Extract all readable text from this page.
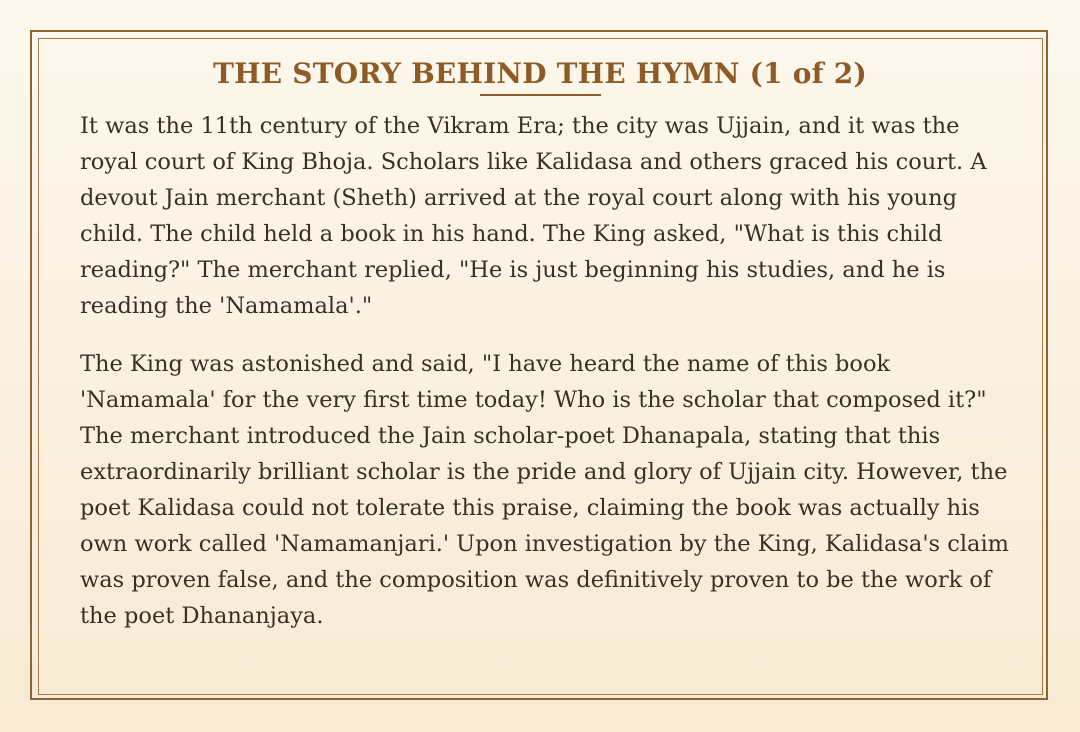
THE STORY BEHIND THE HYMN (1 of 2)

It was the 11th century of the Vikram Era; the city was Ujjain, and it was the royal court of King Bhoja. Scholars like Kalidasa and others graced his court. A devout Jain merchant (Sheth) arrived at the royal court along with his young child. The child held a book in his hand. The King asked, "What is this child reading?" The merchant replied, "He is just beginning his studies, and he is reading the 'Namamala'."

The King was astonished and said, "I have heard the name of this book 'Namamala' for the very first time today! Who is the scholar that composed it?" The merchant introduced the Jain scholar-poet Dhanapala, stating that this extraordinarily brilliant scholar is the pride and glory of Ujjain city. However, the poet Kalidasa could not tolerate this praise, claiming the book was actually his own work called 'Namamanjari.' Upon investigation by the King, Kalidasa's claim was proven false, and the composition was definitively proven to be the work of the poet Dhananjaya.
